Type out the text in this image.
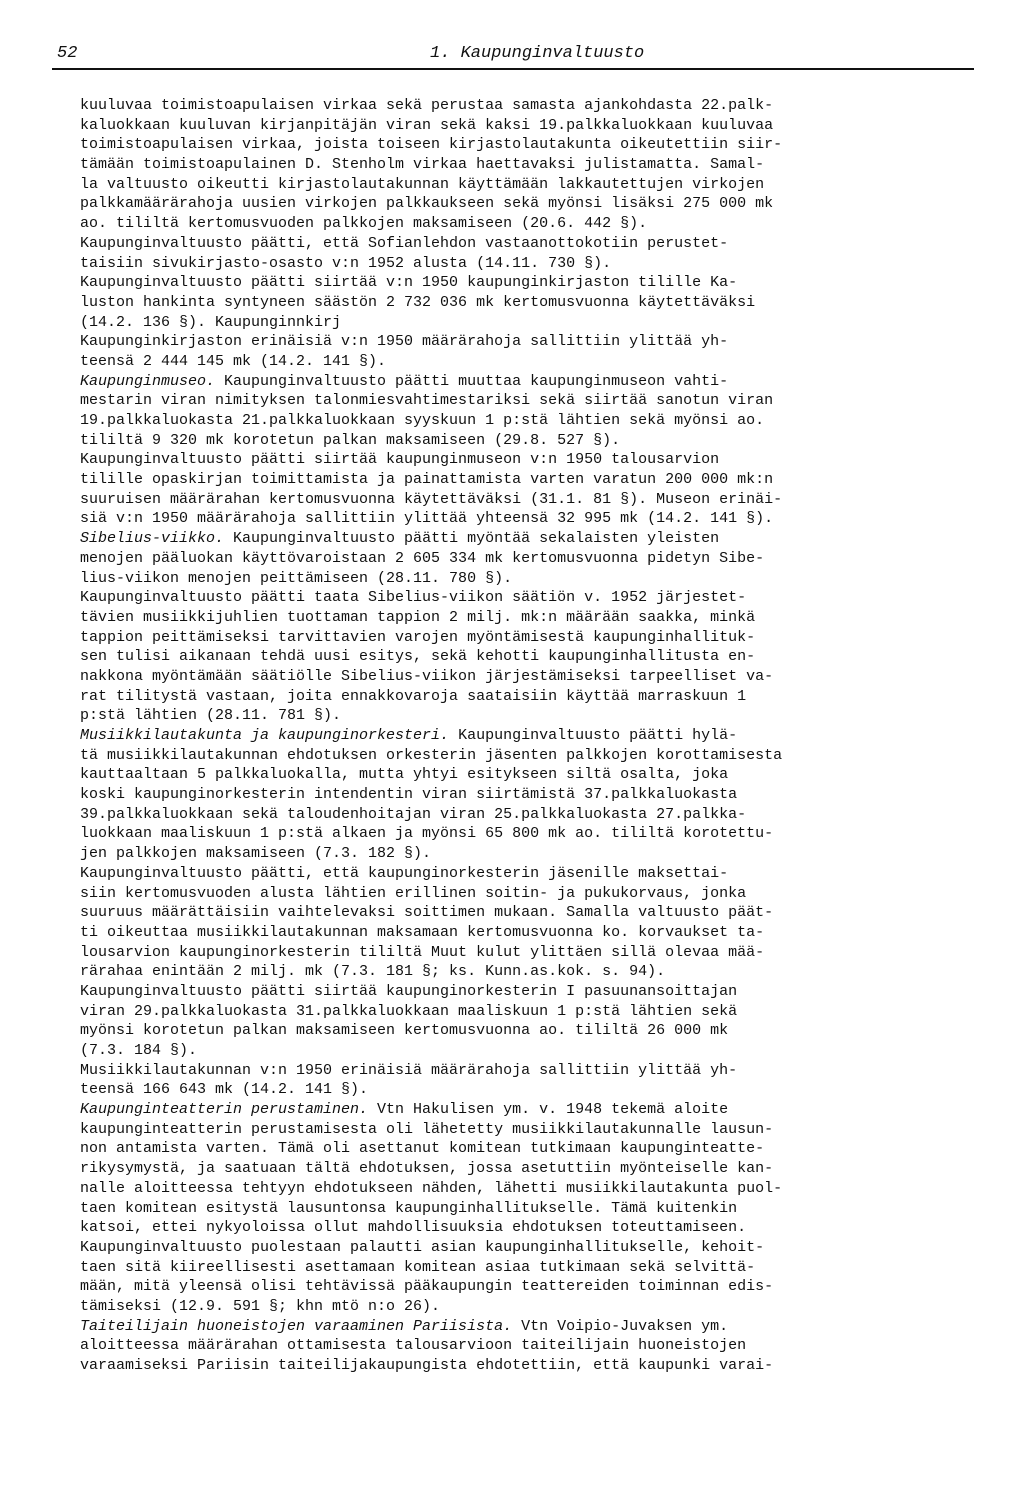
52	1. Kaupunginvaltuusto
kuuluvaa toimistoapulaisen virkaa sekä perustaa samasta ajankohdasta 22.palk-
kaluokkaan kuuluvan kirjanpitäjän viran sekä kaksi 19.palkkaluokkaan kuuluvaa
toimistoapulaisen virkaa, joista toiseen kirjastolautakunta oikeutettiin siir-
tämään toimistoapulainen D. Stenholm virkaa haettavaksi julistamatta. Samal-
la valtuusto oikeutti kirjastolautakunnan käyttämään lakkautettujen virkojen
palkkamäärärahoja uusien virkojen palkkaukseen sekä myönsi lisäksi 275 000 mk
ao. tililtä kertomusvuoden palkkojen maksamiseen (20.6. 442 §).
Kaupunginvaltuusto päätti, että Sofianlehdon vastaanottokotiin perustet-
taisiin sivukirjasto-osasto v:n 1952 alusta (14.11. 730 §).
Kaupunginvaltuusto päätti siirtää v:n 1950 kaupunginkirjaston tilille Ka-
luston hankinta syntyneen säästön 2 732 036 mk kertomusvuonna käytettäväksi
(14.2. 136 §). Kaupunginnkirj
Kaupunginkirjaston erinäisiä v:n 1950 määrärahoja sallittiin ylittää yh-
teensä 2 444 145 mk (14.2. 141 §).
Kaupunginmuseo. Kaupunginvaltuusto päätti muuttaa kaupunginmuseon vahti-
mestarin viran nimityksen talonmiesvahtimestariksi sekä siirtää sanotun viran
19.palkkaluokasta 21.palkkaluokkaan syyskuun 1 p:stä lähtien sekä myönsi ao.
tililtä 9 320 mk korotetun palkan maksamiseen (29.8. 527 §).
Kaupunginvaltuusto päätti siirtää kaupunginmuseon v:n 1950 talousarvion
tilille opaskirjan toimittamista ja painattamista varten varatun 200 000 mk:n
suuruisen määrärahan kertomusvuonna käytettäväksi (31.1. 81 §). Museon erinäi-
siä v:n 1950 määrärahoja sallittiin ylittää yhteensä 32 995 mk (14.2. 141 §).
Sibelius-viikko. Kaupunginvaltuusto päätti myöntää sekalaisten yleisten
menojen pääluokan käyttövaroistaan 2 605 334 mk kertomusvuonna pidetyn Sibe-
lius-viikon menojen peittämiseen (28.11. 780 §).
Kaupunginvaltuusto päätti taata Sibelius-viikon säätiön v. 1952 järjestet-
tävien musiikkijuhlien tuottaman tappion 2 milj. mk:n määrään saakka, minkä
tappion peittämiseksi tarvittavien varojen myöntämisestä kaupunginhallituk-
sen tulisi aikanaan tehdä uusi esitys, sekä kehotti kaupunginhallitusta en-
nakkona myöntämään säätiölle Sibelius-viikon järjestämiseksi tarpeelliset va-
rat tilitystä vastaan, joita ennakkovaroja saataisiin käyttää marraskuun 1
p:stä lähtien (28.11. 781 §).
Musiikkilautakunta ja kaupunginorkesteri. Kaupunginvaltuusto päätti hylä-
tä musiikkilautakunnan ehdotuksen orkesterin jäsenten palkkojen korottamisesta
kauttaaltaan 5 palkkaluokalla, mutta yhtyi esitykseen siltä osalta, joka
koski kaupunginorkesterin intendentin viran siirtämistä 37.palkkaluokasta
39.palkkaluokkaan sekä taloudenhoitajan viran 25.palkkaluokasta 27.palkka-
luokkaan maaliskuun 1 p:stä alkaen ja myönsi 65 800 mk ao. tililtä korotettu-
jen palkkojen maksamiseen (7.3. 182 §).
Kaupunginvaltuusto päätti, että kaupunginorkesterin jäsenille maksettai-
siin kertomusvuoden alusta lähtien erillinen soitin- ja pukukorvaus, jonka
suuruus määrättäisiin vaihtelevaksi soittimen mukaan. Samalla valtuusto päät-
ti oikeuttaa musiikkilautakunnan maksamaan kertomusvuonna ko. korvaukset ta-
lousarvion kaupunginorkesterin tililtä Muut kulut ylittäen sillä olevaa mää-
rärahaa enintään 2 milj. mk (7.3. 181 §; ks. Kunn.as.kok. s. 94).
Kaupunginvaltuusto päätti siirtää kaupunginorkesterin I pasuunansoittajan
viran 29.palkkaluokasta 31.palkkaluokkaan maaliskuun 1 p:stä lähtien sekä
myönsi korotetun palkan maksamiseen kertomusvuonna ao. tililtä 26 000 mk
(7.3. 184 §).
Musiikkilautakunnan v:n 1950 erinäisiä määrärahoja sallittiin ylittää yh-
teensä 166 643 mk (14.2. 141 §).
Kaupunginteatterin perustaminen. Vtn Hakulisen ym. v. 1948 tekemä aloite
kaupunginteatterin perustamisesta oli lähetetty musiikkilautakunnalle lausun-
non antamista varten. Tämä oli asettanut komitean tutkimaan kaupunginteatte-
rikysymystä, ja saatuaan tältä ehdotuksen, jossa asetuttiin myönteiselle kan-
nalle aloitteessa tehtyyn ehdotukseen nähden, lähetti musiikkilautakunta puol-
taen komitean esitystä lausuntonsa kaupunginhallitukselle. Tämä kuitenkin
katsoi, ettei nykyoloissa ollut mahdollisuuksia ehdotuksen toteuttamiseen.
Kaupunginvaltuusto puolestaan palautti asian kaupunginhallitukselle, kehoit-
taen sitä kiireellisesti asettamaan komitean asiaa tutkimaan sekä selvittä-
mään, mitä yleensä olisi tehtävissä pääkaupungin teattereiden toiminnan edis-
tämiseksi (12.9. 591 §; khn mtö n:o 26).
Taiteilijain huoneistojen varaaminen Pariisista. Vtn Voipio-Juvaksen ym.
aloitteessa määrärahan ottamisesta talousarvioon taiteilijain huoneistojen
varaamiseksi Pariisin taiteilijakaupungista ehdotettiin, että kaupunki varai-
